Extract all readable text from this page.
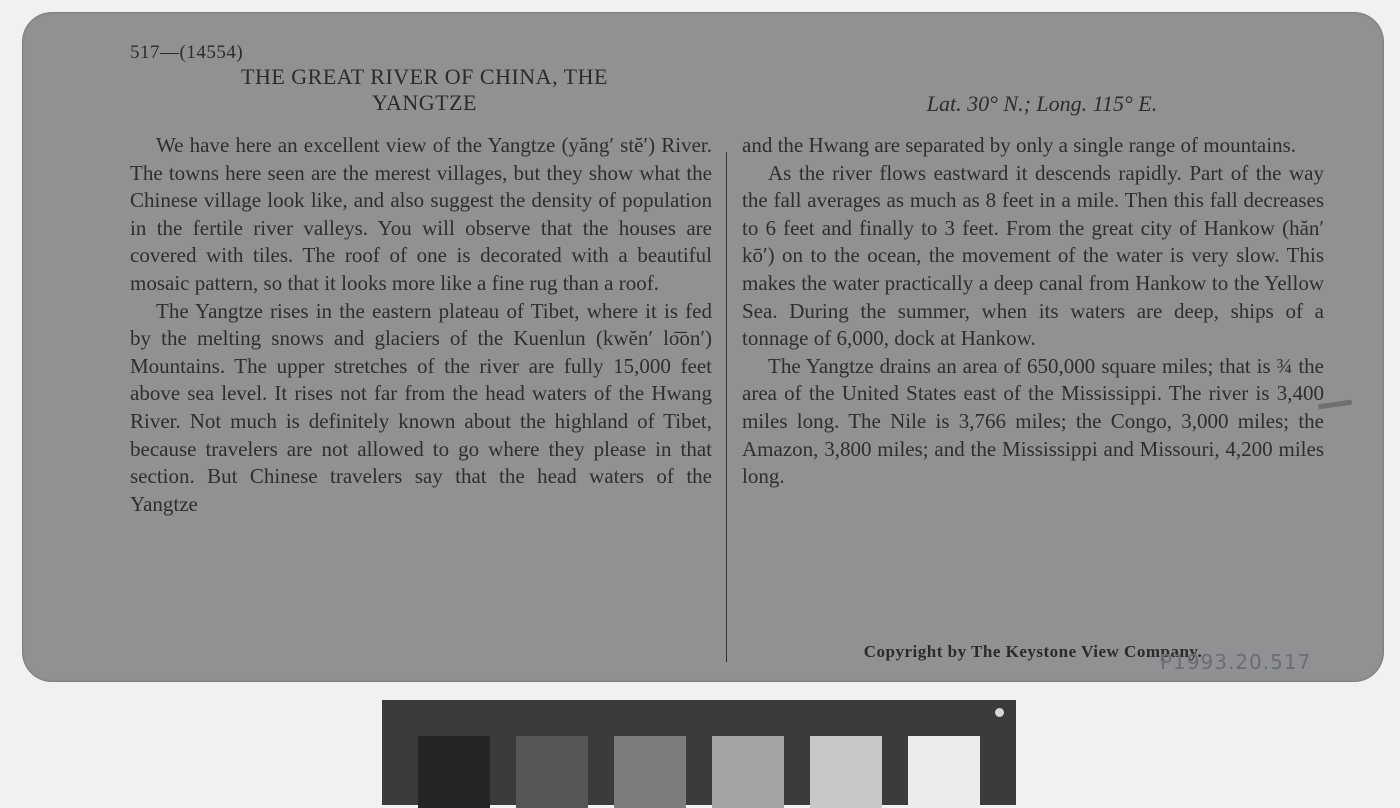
517—(14554)
THE GREAT RIVER OF CHINA, THE
YANGTZE	Lat. 30° N.; Long. 115° E.

We have here an excellent view of the Yangtze (yăng′ stĕ′) River. The towns here seen are the merest villages, but they show what the Chinese village look like, and also suggest the density of population in the fertile river valleys. You will observe that the houses are covered with tiles. The roof of one is decorated with a beautiful mosaic pattern, so that it looks more like a fine rug than a roof.

The Yangtze rises in the eastern plateau of Tibet, where it is fed by the melting snows and glaciers of the Kuenlun (kwĕn′ lo͞on′) Mountains. The upper stretches of the river are fully 15,000 feet above sea level. It rises not far from the head waters of the Hwang River. Not much is definitely known about the highland of Tibet, because travelers are not allowed to go where they please in that section. But Chinese travelers say that the head waters of the Yangtze

and the Hwang are separated by only a single range of mountains.

As the river flows eastward it descends rapidly. Part of the way the fall averages as much as 8 feet in a mile. Then this fall decreases to 6 feet and finally to 3 feet. From the great city of Hankow (hăn′ kō′) on to the ocean, the movement of the water is very slow. This makes the water practically a deep canal from Hankow to the Yellow Sea. During the summer, when its waters are deep, ships of a tonnage of 6,000, dock at Hankow.

The Yangtze drains an area of 650,000 square miles; that is ¾ the area of the United States east of the Mississippi. The river is 3,400 miles long. The Nile is 3,766 miles; the Congo, 3,000 miles; the Amazon, 3,800 miles; and the Mississippi and Missouri, 4,200 miles long.

Copyright by The Keystone View Company.
P1993.20.517
